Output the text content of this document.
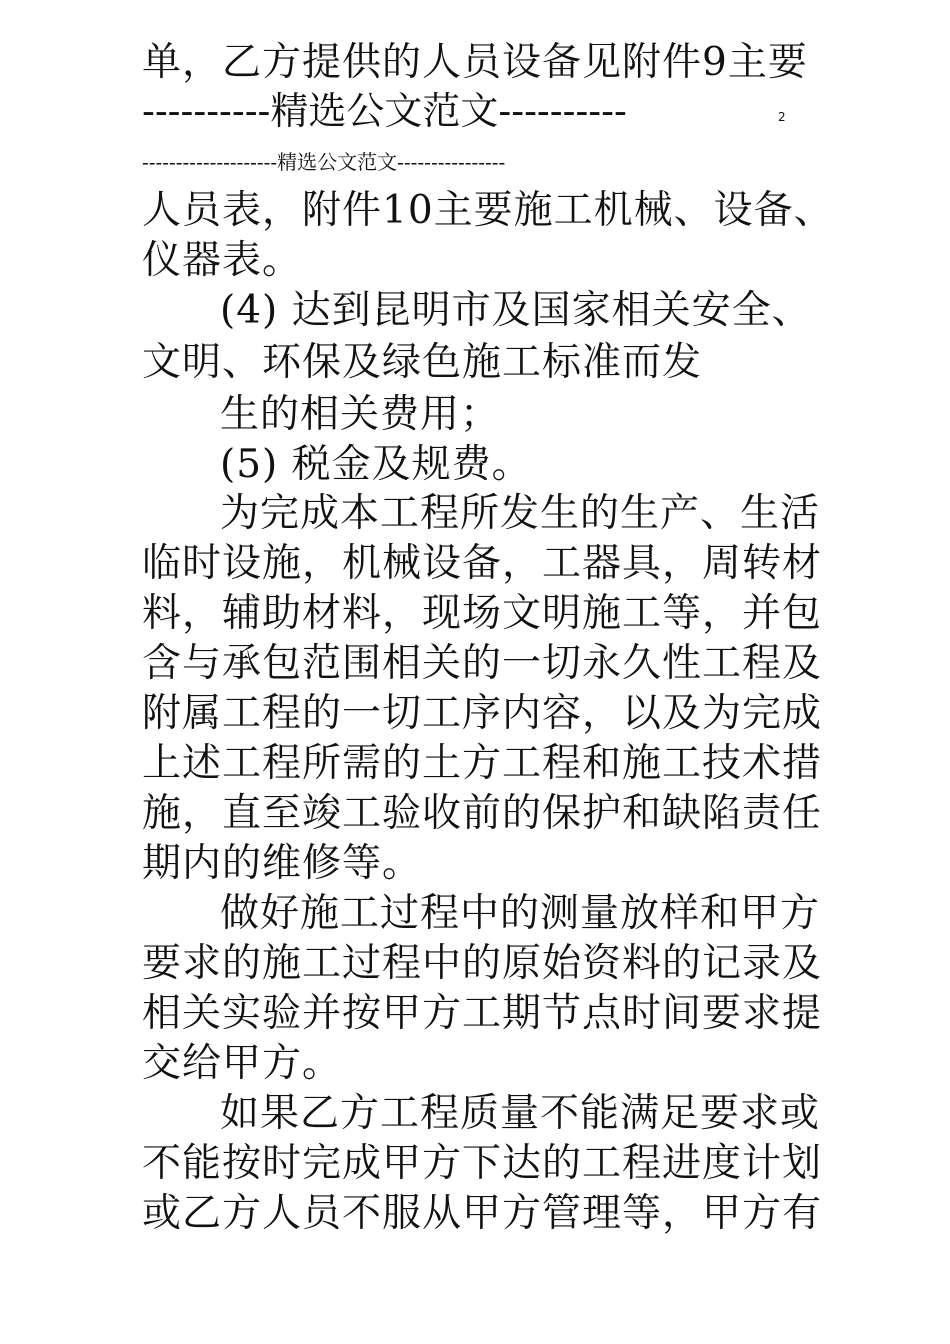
单，乙方提供的人员设备见附件9主要
----------精选公文范文----------	2
--------------------精选公文范文----------------
人员表，附件10主要施工机械、设备、
仪器表。
(4) 达到昆明市及国家相关安全、
文明、环保及绿色施工标准而发
生的相关费用；
(5) 税金及规费。
为完成本工程所发生的生产、生活
临时设施，机械设备，工器具，周转材
料，辅助材料，现场文明施工等，并包
含与承包范围相关的一切永久性工程及
附属工程的一切工序内容，以及为完成
上述工程所需的土方工程和施工技术措
施，直至竣工验收前的保护和缺陷责任
期内的维修等。
做好施工过程中的测量放样和甲方
要求的施工过程中的原始资料的记录及
相关实验并按甲方工期节点时间要求提
交给甲方。
如果乙方工程质量不能满足要求或
不能按时完成甲方下达的工程进度计划
或乙方人员不服从甲方管理等，甲方有
